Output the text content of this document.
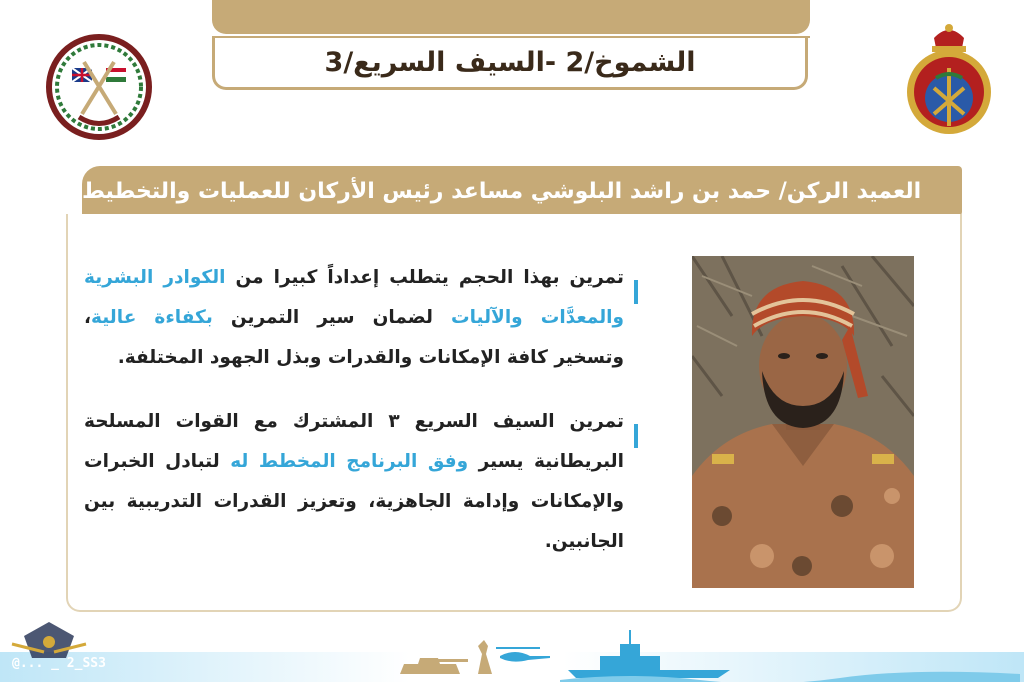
الشموخ/2 -السيف السريع/3
العميد الركن/ حمد بن راشد البلوشي مساعد رئيس الأركان للعمليات والتخطيط
تمرين بهذا الحجم يتطلب إعداداً كبيرا من الكوادر البشرية والمعدَّات والآليات لضمان سير التمرين بكفاءة عالية، وتسخير كافة الإمكانات والقدرات وبذل الجهود المختلفة.
تمرين السيف السريع ٣ المشترك مع القوات المسلحة البريطانية يسير وفق البرنامج المخطط له لتبادل الخبرات والإمكانات وإدامة الجاهزية، وتعزيز القدرات التدريبية بين الجانبين.
@... _ 2_SS3
